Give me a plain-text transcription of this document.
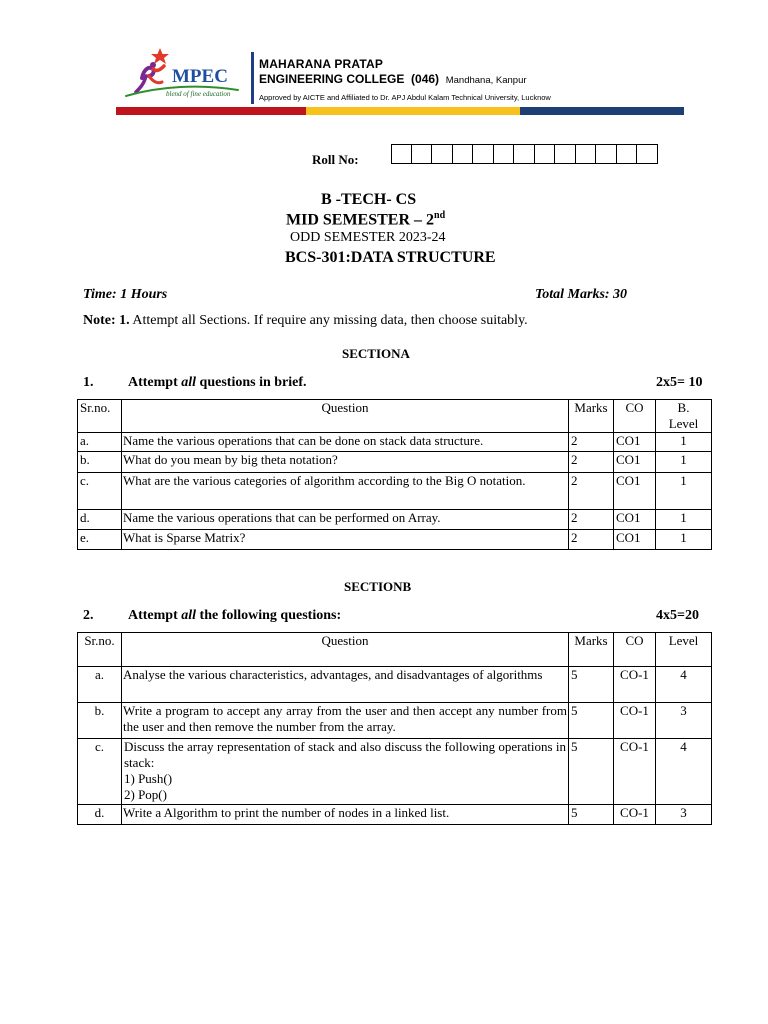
MPEC
blend of fine education
MAHARANA PRATAP
ENGINEERING COLLEGE (046) Mandhana, Kanpur
Approved by AICTE and Affiliated to Dr. APJ Abdul Kalam Technical University, Lucknow
Roll No:
B -TECH- CS
MID SEMESTER – 2nd
ODD SEMESTER 2023-24
BCS-301:DATA STRUCTURE
Time: 1 Hours	Total Marks: 30
Note: 1. Attempt all Sections. If require any missing data, then choose suitably.
SECTIONA
1. Attempt all questions in brief.	2x5= 10
Sr.no.	Question	Marks	CO	B.
Level
a.	Name the various operations that can be done on stack data structure.	2	CO1	1
b.	What do you mean by big theta notation?	2	CO1	1
c.	What are the various categories of algorithm according to the Big O notation.	2	CO1	1
d.	Name the various operations that can be performed on Array.	2	CO1	1
e.	What is Sparse Matrix?	2	CO1	1
SECTIONB
2. Attempt all the following questions:	4x5=20
Sr.no.	Question	Marks	CO	Level
a.	Analyse the various characteristics, advantages, and disadvantages of algorithms	5	CO-1	4
b.	Write a program to accept any array from the user and then accept any number from the user and then remove the number from the array.	5	CO-1	3
c.	Discuss the array representation of stack and also discuss the following operations in stack:
1) Push()
2) Pop()	5	CO-1	4
d.	Write a Algorithm to print the number of nodes in a linked list.	5	CO-1	3
